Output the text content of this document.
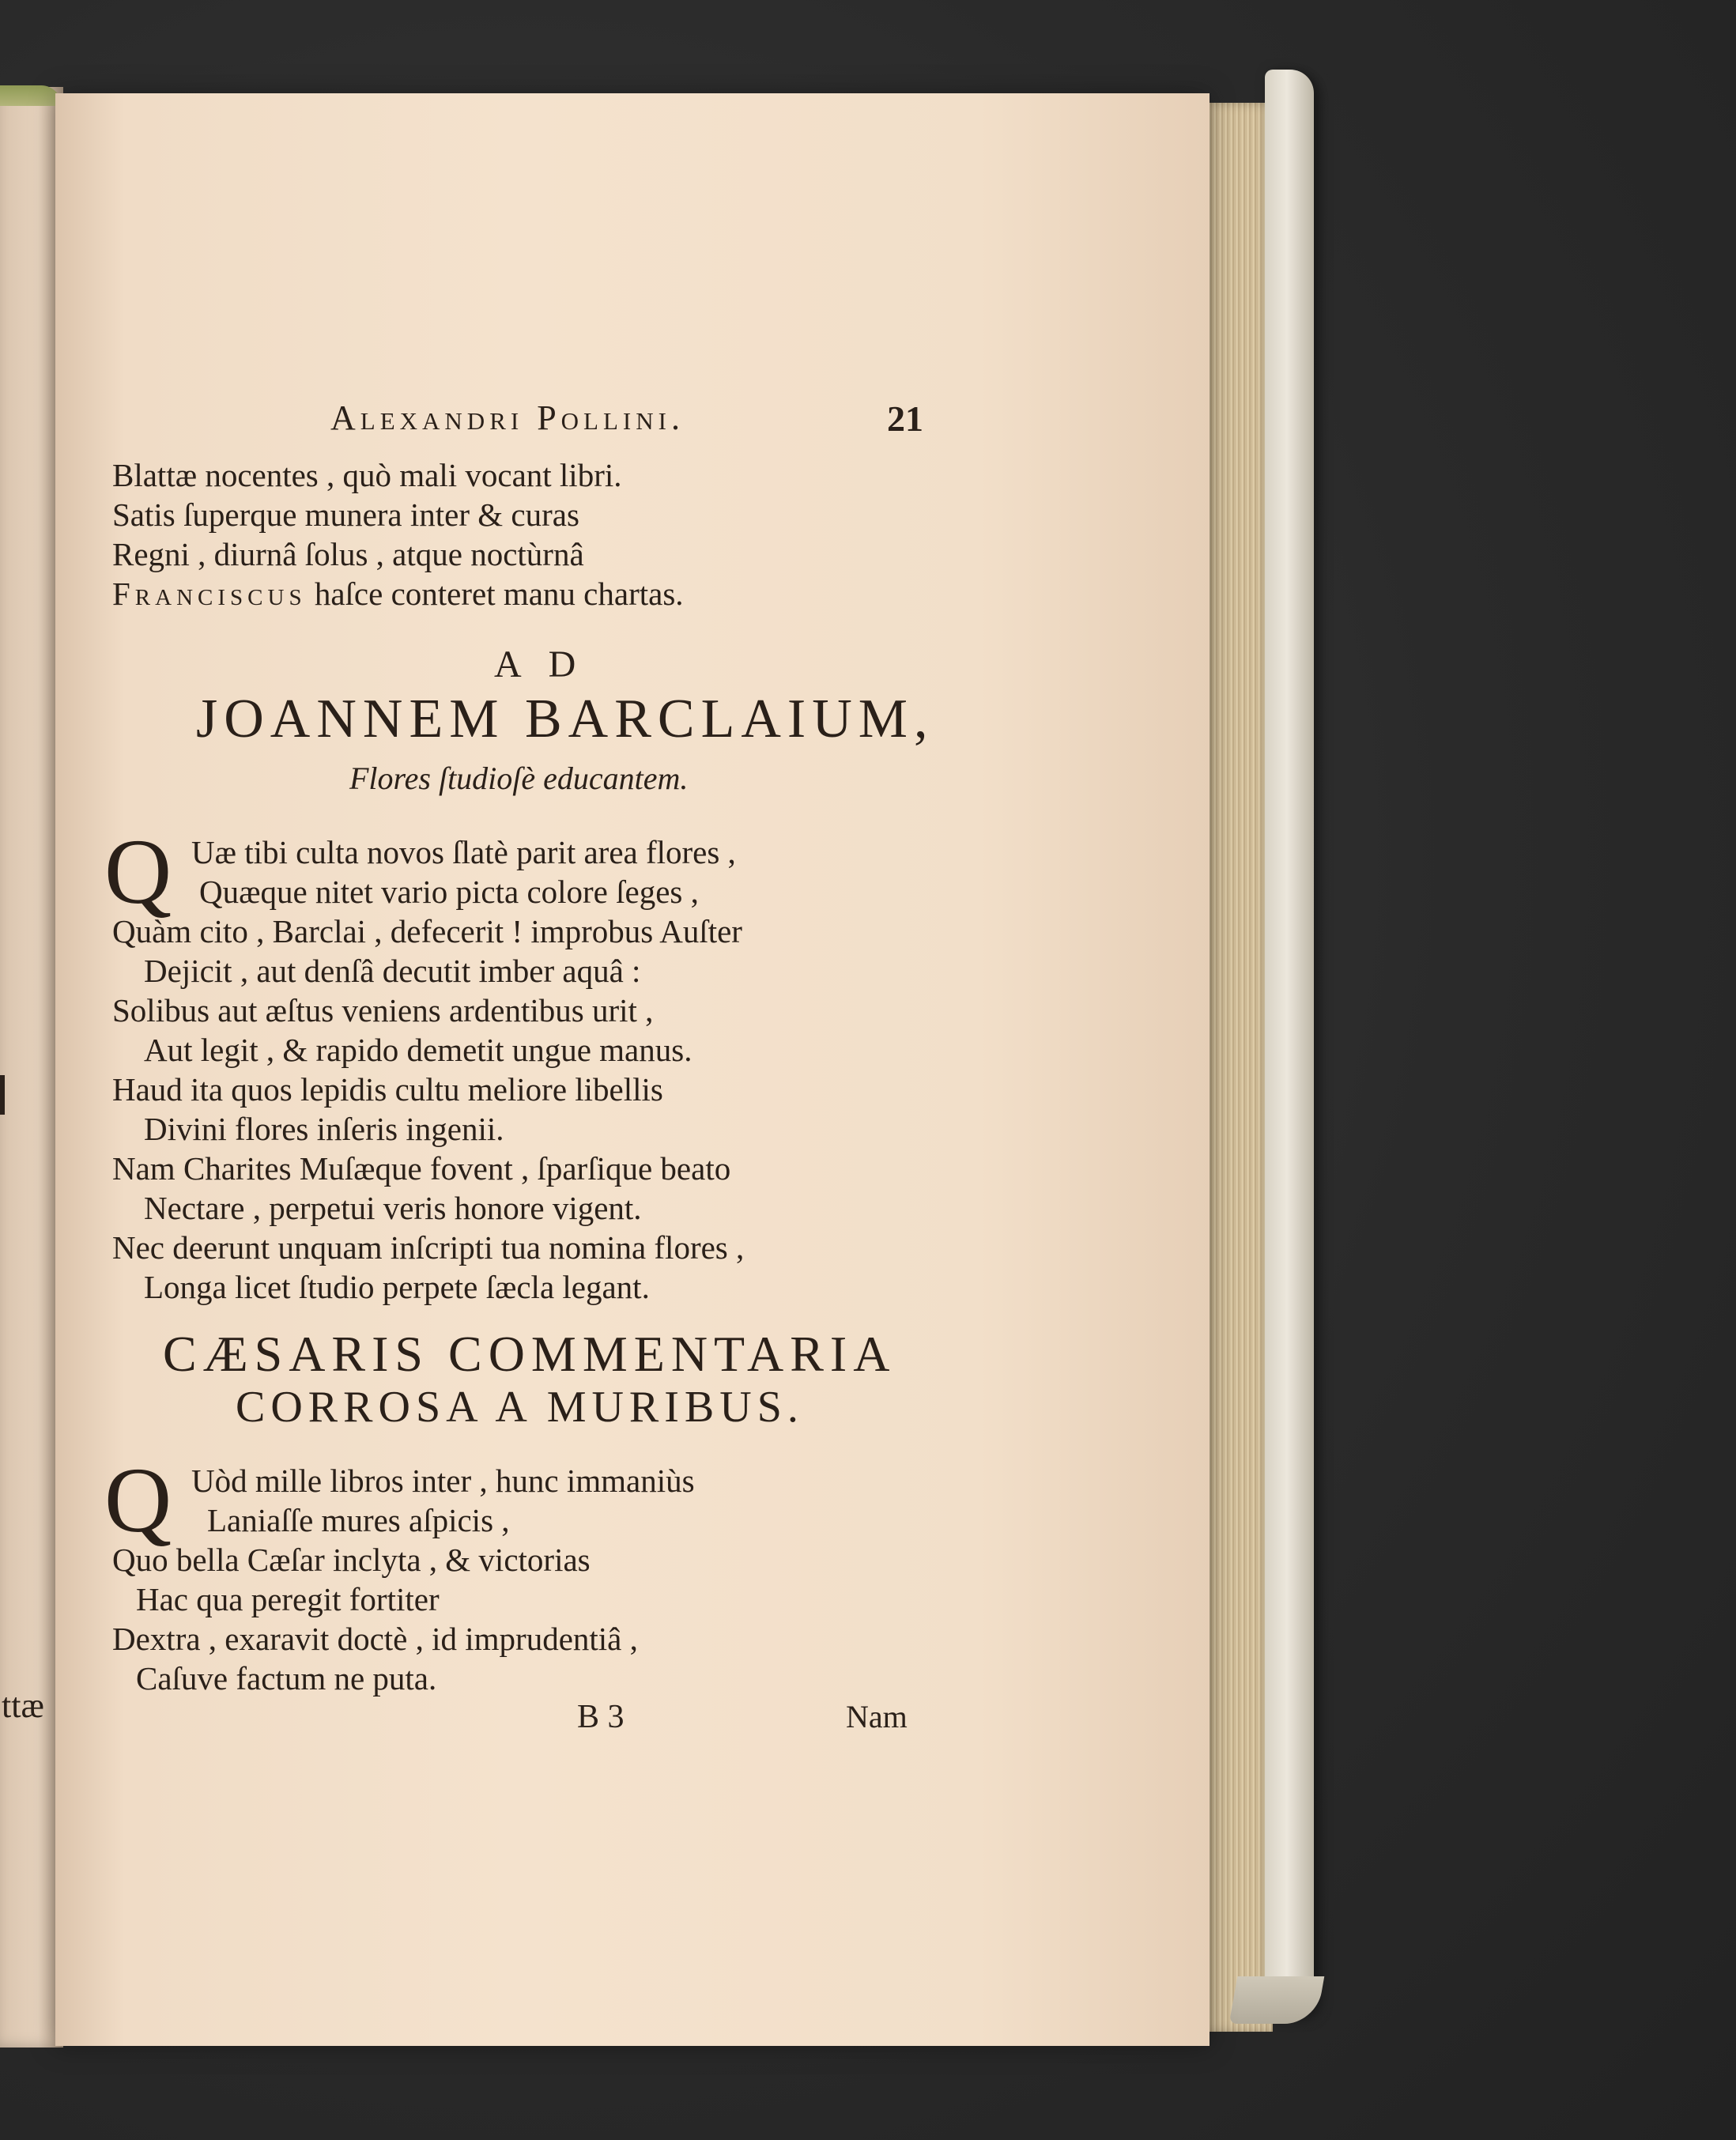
ttæ

Alexandri Pollini.	21
Blattæ nocentes , quò mali vocant libri.
Satis ſuperque munera inter & curas
Regni , diurnâ ſolus , atque noctùrnâ
Franciscus haſce conteret manu chartas.
AD
JOANNEM BARCLAIUM,
Flores ſtudioſè educantem.
Q Uæ tibi culta novos ſlatè parit area flores ,
Quæque nitet vario picta colore ſeges ,
Quàm cito , Barclai , defecerit ! improbus Auſter
Dejicit , aut denſâ decutit imber aquâ :
Solibus aut æſtus veniens ardentibus urit ,
Aut legit , & rapido demetit ungue manus.
Haud ita quos lepidis cultu meliore libellis
Divini flores inſeris ingenii.
Nam Charites Muſæque fovent , ſparſique beato
Nectare , perpetui veris honore vigent.
Nec deerunt unquam inſcripti tua nomina flores ,
Longa licet ſtudio perpete ſæcla legant.
CÆSARIS COMMENTARIA
CORROSA A MURIBUS.
Q Uòd mille libros inter , hunc immaniùs
Laniaſſe mures aſpicis ,
Quo bella Cæſar inclyta , & victorias
Hac qua peregit fortiter
Dextra , exaravit doctè , id imprudentiâ ,
Caſuve factum ne puta.
B 3	Nam
